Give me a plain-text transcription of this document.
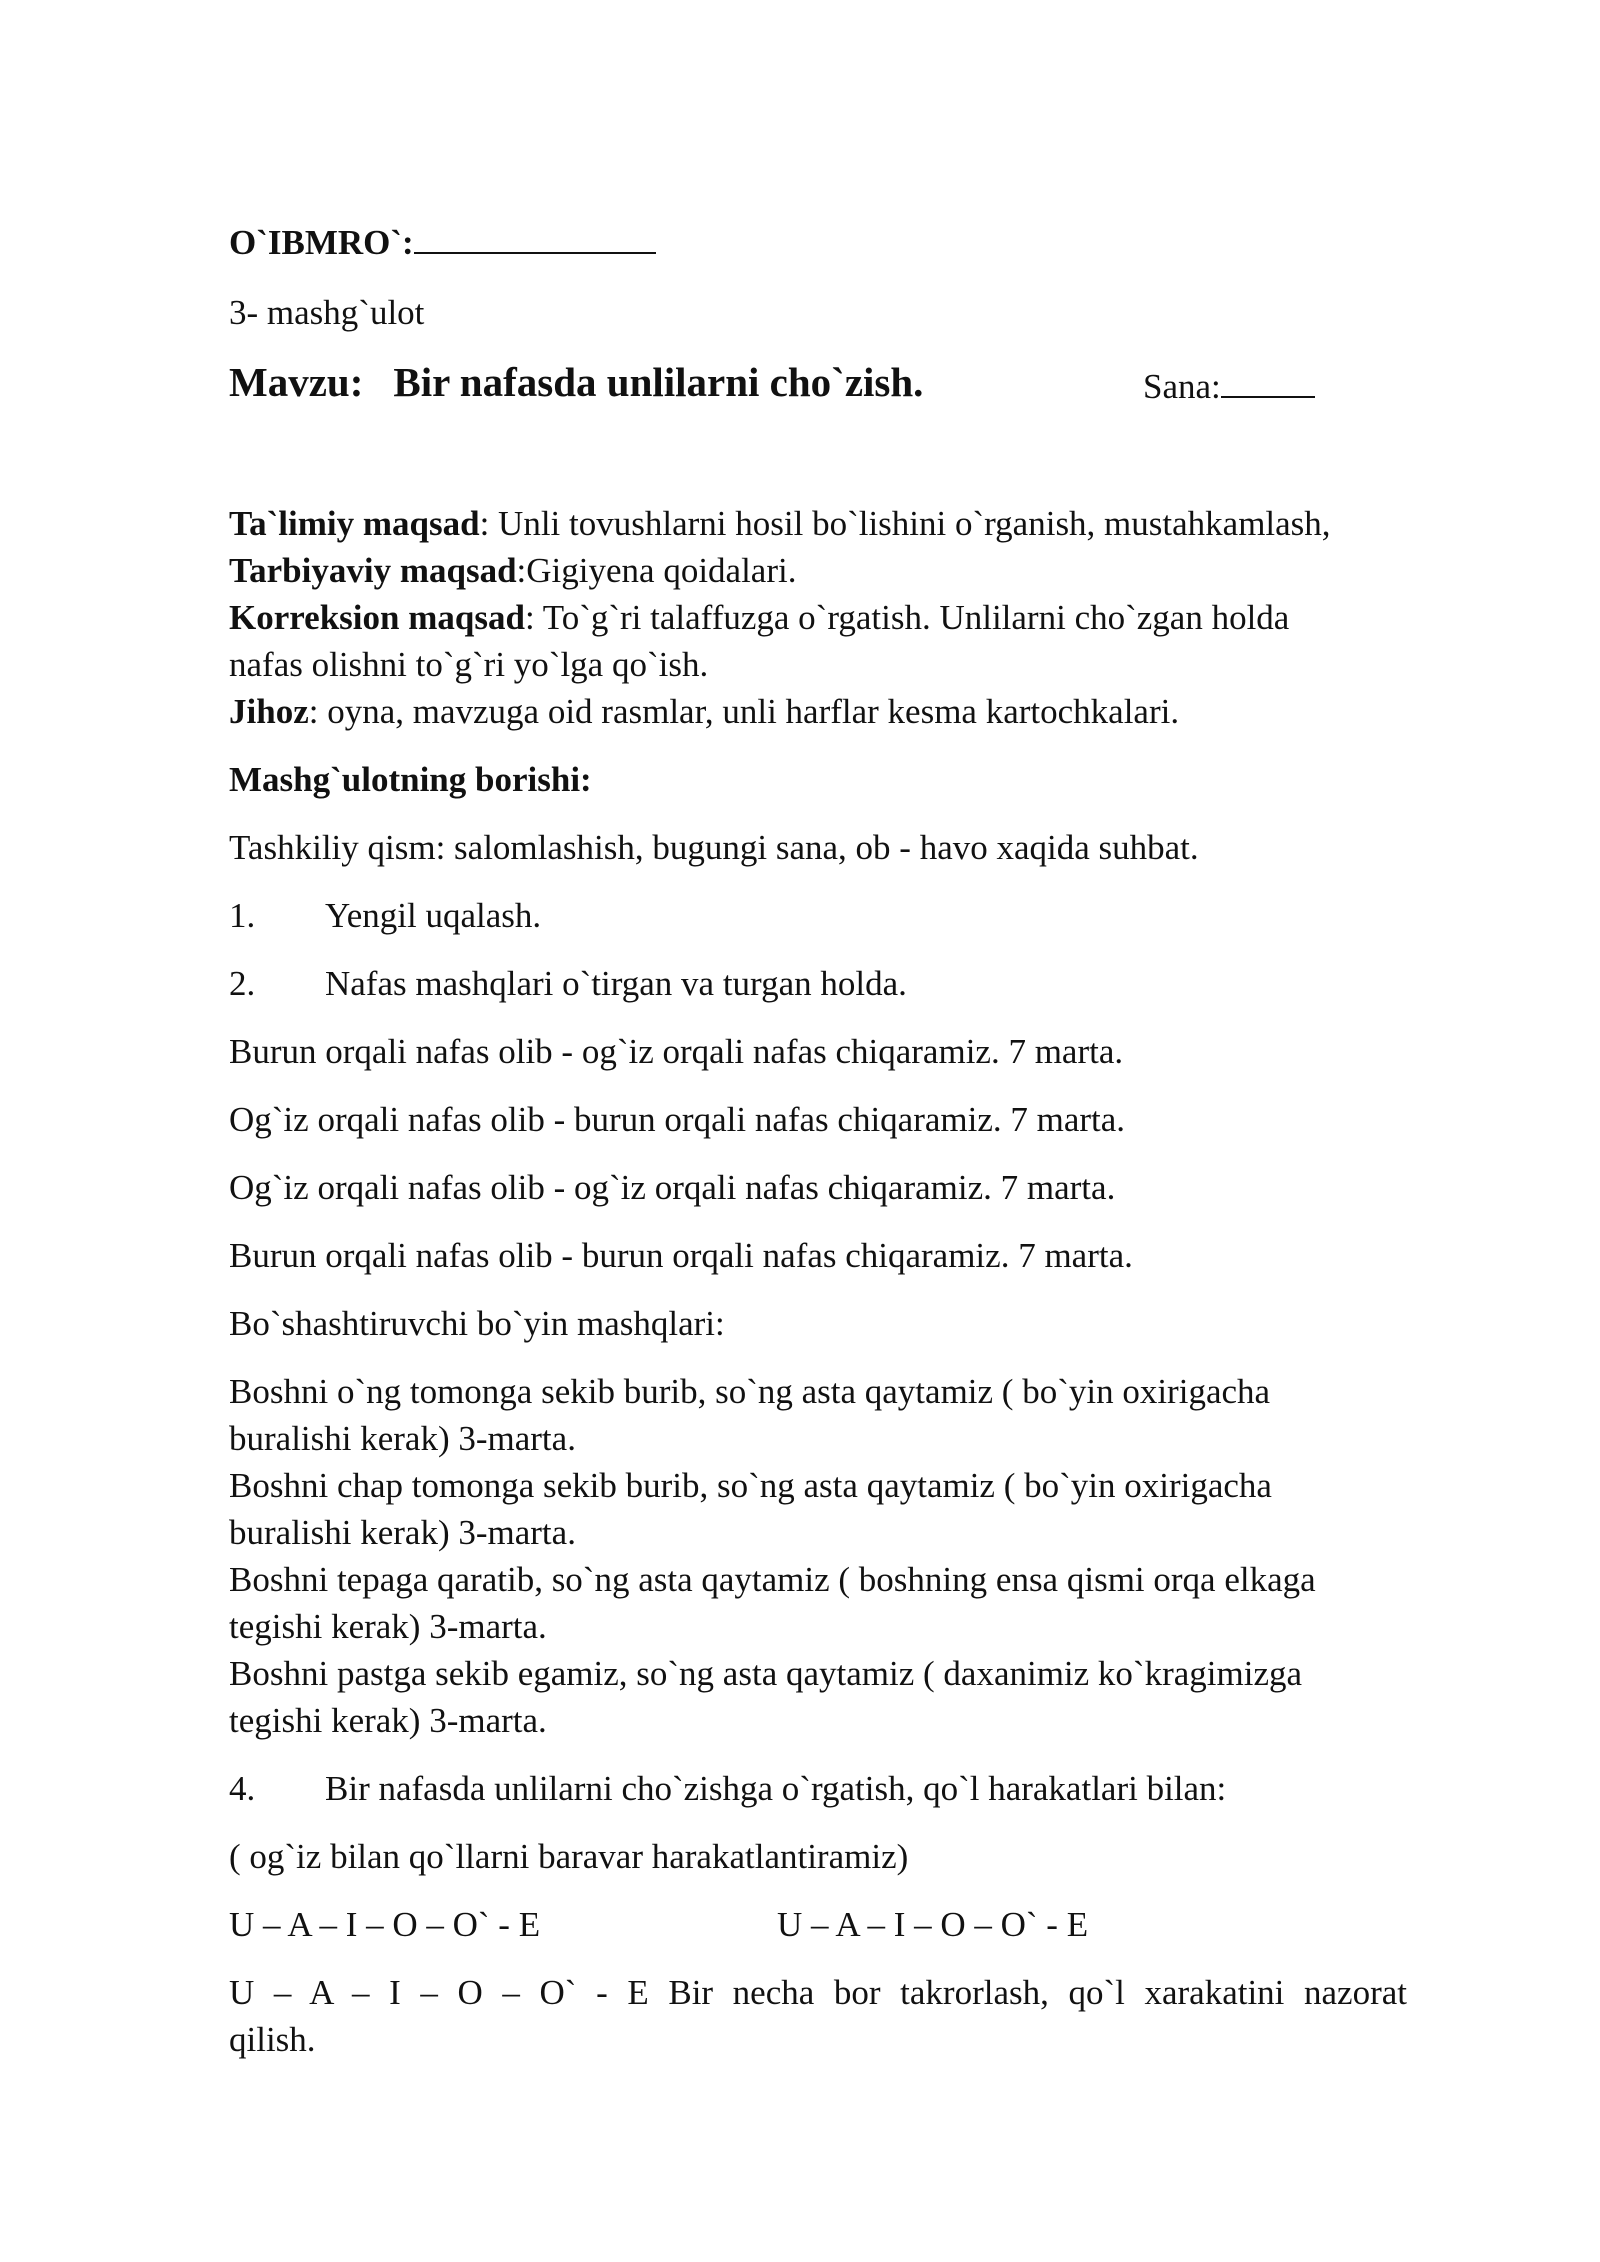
O`IBMRO`:
3- mashg`ulot
Mavzu: Bir nafasda unlilarni cho`zish.	Sana:
Ta`limiy maqsad: Unli tovushlarni hosil bo`lishini o`rganish, mustahkamlash,
Tarbiyaviy maqsad:Gigiyena qoidalari.
Korreksion maqsad: To`g`ri talaffuzga o`rgatish. Unlilarni cho`zgan holda
nafas olishni to`g`ri yo`lga qo`ish.
Jihoz: oyna, mavzuga oid rasmlar, unli harflar kesma kartochkalari.
Mashg`ulotning borishi:
Tashkiliy qism: salomlashish, bugungi sana, ob - havo xaqida suhbat.
1. Yengil uqalash.
2. Nafas mashqlari o`tirgan va turgan holda.
Burun orqali nafas olib - og`iz orqali nafas chiqaramiz. 7 marta.
Og`iz orqali nafas olib - burun orqali nafas chiqaramiz. 7 marta.
Og`iz orqali nafas olib - og`iz orqali nafas chiqaramiz. 7 marta.
Burun orqali nafas olib - burun orqali nafas chiqaramiz. 7 marta.
Bo`shashtiruvchi bo`yin mashqlari:
Boshni o`ng tomonga sekib burib, so`ng asta qaytamiz ( bo`yin oxirigacha
buralishi kerak) 3-marta.
Boshni chap tomonga sekib burib, so`ng asta qaytamiz ( bo`yin oxirigacha
buralishi kerak) 3-marta.
Boshni tepaga qaratib, so`ng asta qaytamiz ( boshning ensa qismi orqa elkaga
tegishi kerak) 3-marta.
Boshni pastga sekib egamiz, so`ng asta qaytamiz ( daxanimiz ko`kragimizga
tegishi kerak) 3-marta.
4. Bir nafasda unlilarni cho`zishga o`rgatish, qo`l harakatlari bilan:
( og`iz bilan qo`llarni baravar harakatlantiramiz)
U – A – I – O – O` - E	U – A – I – O – O` - E
U – A – I – O – O` - E Bir necha bor takrorlash, qo`l xarakatini nazorat
qilish.
